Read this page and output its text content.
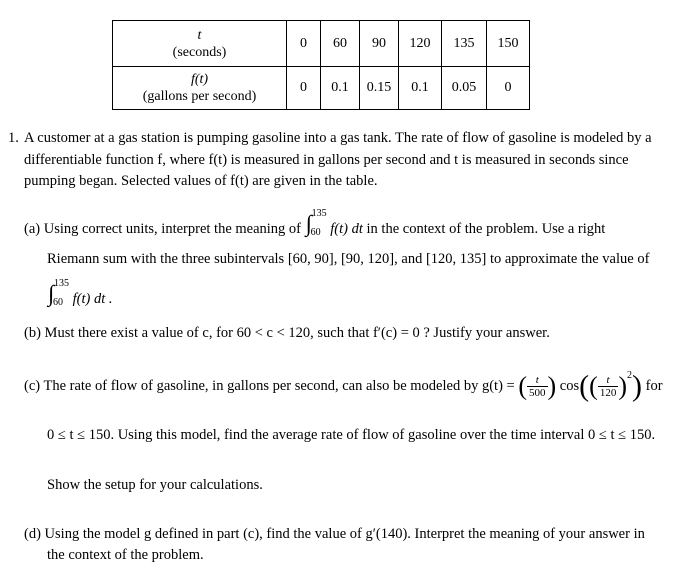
t
(seconds)	0	60	90	120	135	150
f(t)
(gallons per second)	0	0.1	0.15	0.1	0.05	0
1. A customer at a gas station is pumping gasoline into a gas tank. The rate of flow of gasoline is modeled by a
differentiable function f, where f(t) is measured in gallons per second and t is measured in seconds since
pumping began. Selected values of f(t) are given in the table.
(a) Using correct units, interpret the meaning of ∫ 135
60 f(t) dt in the context of the problem. Use a right
Riemann sum with the three subintervals [60, 90], [90, 120], and [120, 135] to approximate the value of
∫ 135
60 f(t) dt .
(b) Must there exist a value of c, for 60 < c < 120, such that f′(c) = 0 ? Justify your answer.
(c) The rate of flow of gasoline, in gallons per second, can also be modeled by g(t) = ( $\frac{t}{500}$ ) $\cos(( \frac{t}{120} )^2)$ for
0 ≤ t ≤ 150. Using this model, find the average rate of flow of gasoline over the time interval 0 ≤ t ≤ 150.
Show the setup for your calculations.
(d) Using the model g defined in part (c), find the value of g′(140). Interpret the meaning of your answer in
the context of the problem.
